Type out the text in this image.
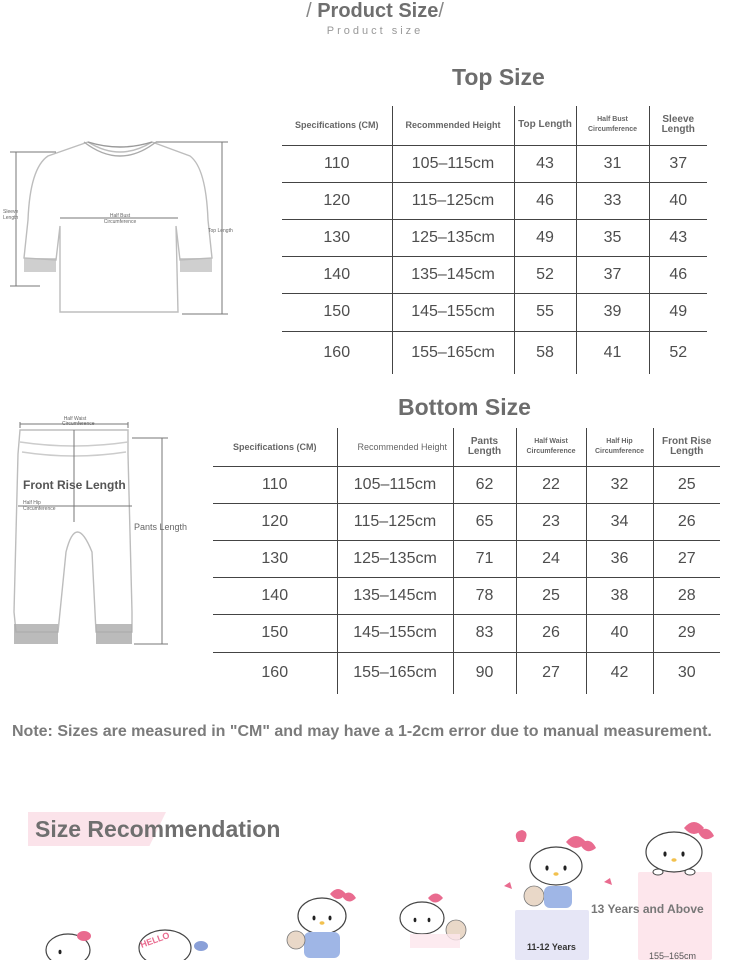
/ Product Size/
Product size
Top Size
Sleeve Length	Half Bust Circumference
Top Length
Specifications (CM)	Recommended Height	Top Length	Half Bust Circumference	Sleeve Length
110	105–115cm	43	31	37
120	115–125cm	46	33	40
130	125–135cm	49	35	43
140	135–145cm	52	37	46
150	145–155cm	55	39	49
160	155–165cm	58	41	52
Bottom Size
Half Waist Circumference
Front Rise Length
Half Hip Circumference
Pants Length
Specifications (CM)	Recommended Height	Pants Length	Half Waist Circumference	Half Hip Circumference	Front Rise Length
110	105–115cm	62	22	32	25
120	115–125cm	65	23	34	26
130	125–135cm	71	24	36	27
140	135–145cm	78	25	38	28
150	145–155cm	83	26	40	29
160	155–165cm	90	27	42	30
Note: Sizes are measured in "CM" and may have a 1-2cm error due to manual measurement.
Size Recommendation
11-12 Years
13 Years and Above
155–165cm
HELLO
